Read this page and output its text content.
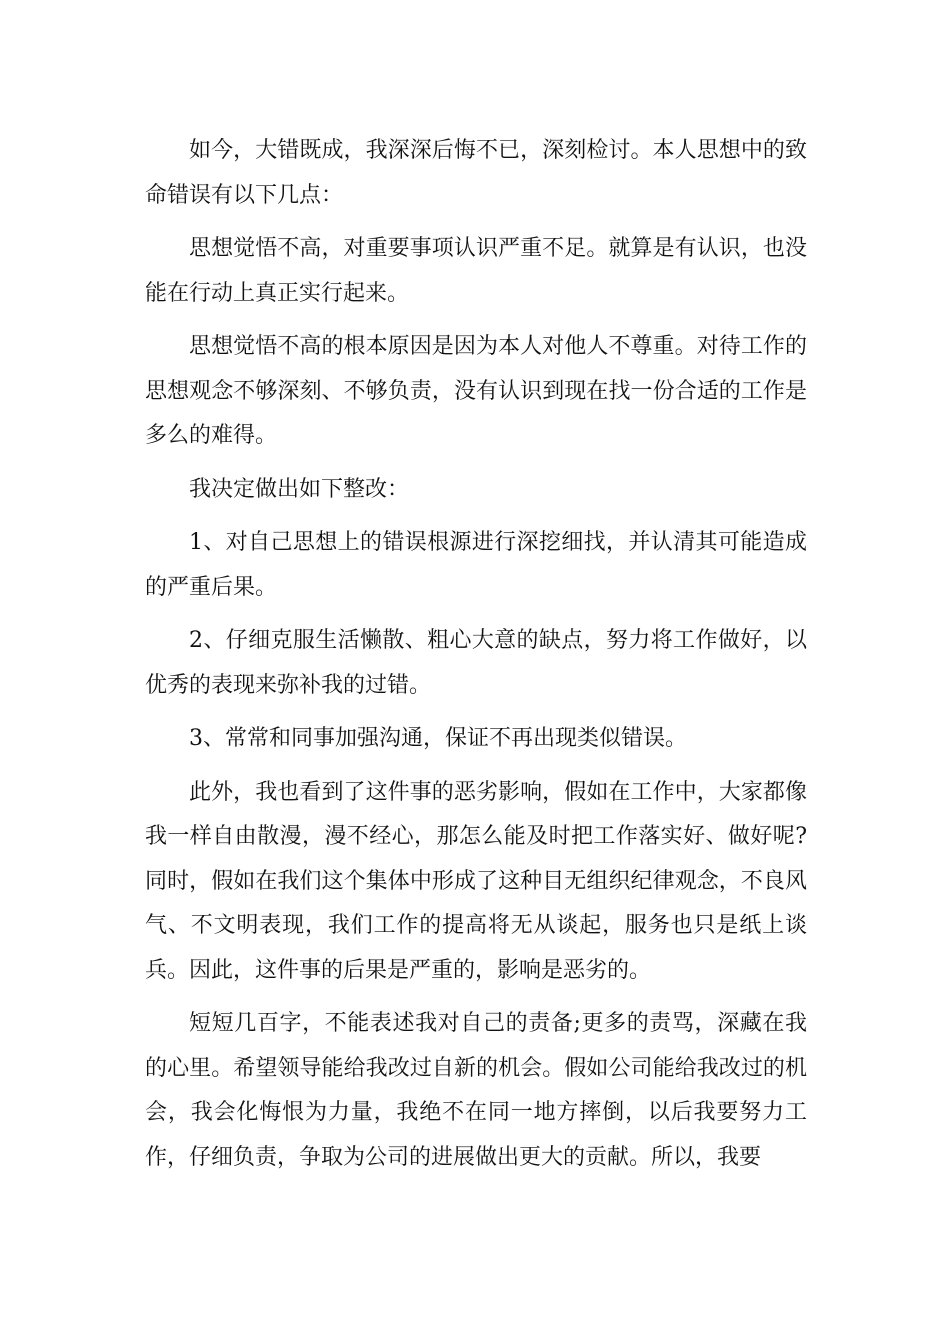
如今，大错既成，我深深后悔不已，深刻检讨。本人思想中的致命错误有以下几点：

思想觉悟不高，对重要事项认识严重不足。就算是有认识，也没能在行动上真正实行起来。

思想觉悟不高的根本原因是因为本人对他人不尊重。对待工作的思想观念不够深刻、不够负责，没有认识到现在找一份合适的工作是多么的难得。

我决定做出如下整改：

1、对自己思想上的错误根源进行深挖细找，并认清其可能造成的严重后果。

2、仔细克服生活懒散、粗心大意的缺点，努力将工作做好，以优秀的表现来弥补我的过错。

3、常常和同事加强沟通，保证不再出现类似错误。

此外，我也看到了这件事的恶劣影响，假如在工作中，大家都像我一样自由散漫，漫不经心，那怎么能及时把工作落实好、做好呢?同时，假如在我们这个集体中形成了这种目无组织纪律观念，不良风气、不文明表现，我们工作的提高将无从谈起，服务也只是纸上谈兵。因此，这件事的后果是严重的，影响是恶劣的。

短短几百字，不能表述我对自己的责备;更多的责骂，深藏在我的心里。希望领导能给我改过自新的机会。假如公司能给我改过的机会，我会化悔恨为力量，我绝不在同一地方摔倒，以后我要努力工作，仔细负责，争取为公司的进展做出更大的贡献。所以，我要
